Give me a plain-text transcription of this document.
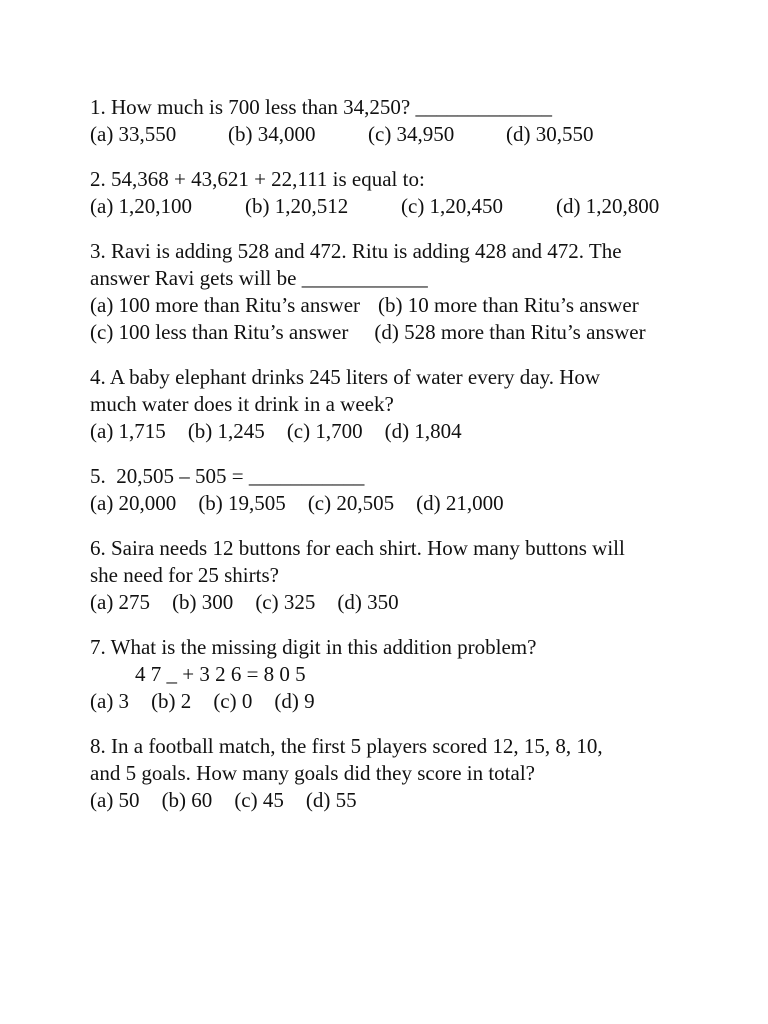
1. How much is 700 less than 34,250? _____________
(a) 33,550 (b) 34,000	(c) 34,950 (d) 30,550
2. 54,368 + 43,621 + 22,111 is equal to:
(a) 1,20,100	(b) 1,20,512	(c) 1,20,450	(d) 1,20,800
3. Ravi is adding 528 and 472. Ritu is adding 428 and 472. The
answer Ravi gets will be ____________
(a) 100 more than Ritu’s answer (b) 10 more than Ritu’s answer
(c) 100 less than Ritu’s answer (d) 528 more than Ritu’s answer
4. A baby elephant drinks 245 liters of water every day. How
much water does it drink in a week?
(a) 1,715 (b) 1,245 (c) 1,700 (d) 1,804
5.  20,505 – 505 = ___________
(a) 20,000 (b) 19,505 (c) 20,505 (d) 21,000
6. Saira needs 12 buttons for each shirt. How many buttons will
she need for 25 shirts?
(a) 275 (b) 300 (c) 325 (d) 350
7. What is the missing digit in this addition problem?
4 7 _ + 3 2 6 = 8 0 5
(a) 3 (b) 2 (c) 0 (d) 9
8. In a football match, the first 5 players scored 12, 15, 8, 10,
and 5 goals. How many goals did they score in total?
(a) 50 (b) 60 (c) 45 (d) 55
